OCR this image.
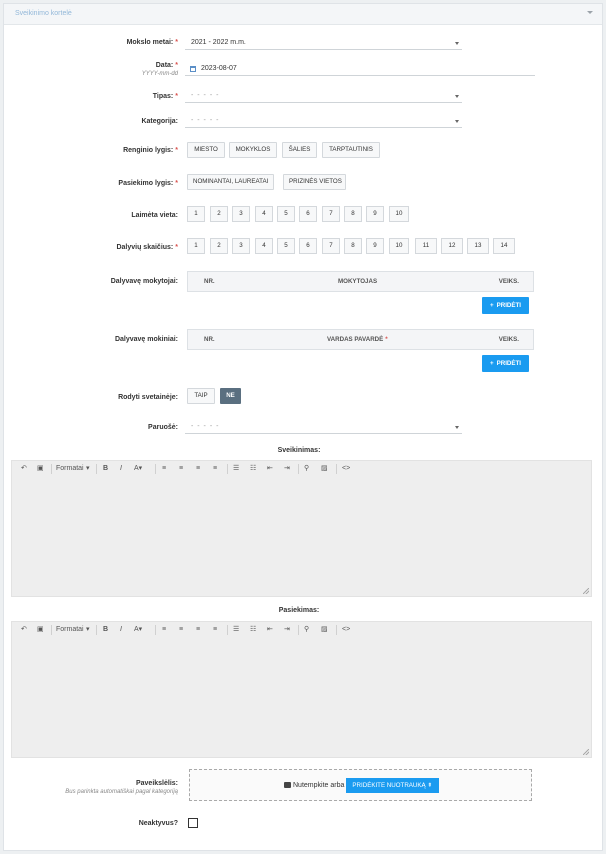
Sveikinimo kortelė
Mokslo metai: * 2021 - 2022 m.m.
Data: *
YYYY-mm-dd
2023-08-07
Tipas: * - - - - -
Kategorija: - - - - -
Renginio lygis: *	MIESTO	MOKYKLOS	ŠALIES	TARPTAUTINIS
Pasiekimo lygis: *	NOMINANTAI, LAUREATAI	PRIZINĖS VIETOS
Laimėta vieta:	1	2	3	4	5	6	7	8	9	10
Dalyvių skaičius: *	1	2	3	4	5	6	7	8	9	10	11	12	13	14
Dalyvavę mokytojai:	NR.	MOKYTOJAS	VEIKS.
+ PRIDĖTI
Dalyvavę mokiniai:	NR.	VARDAS PAVARDĖ *	VEIKS.
+ PRIDĖTI
Rodyti svetainėje:	TAIP	NE
Paruošė: - - - - -
Sveikinimas:
↶ ▣ Formatai ▾ B I A▾	≡ ≡ ≡ ≡ ☰ ☷ ⇤ ⇥ ⚲ ▨ <>
Pasiekimas:
↶ ▣ Formatai ▾ B I A▾	≡ ≡ ≡ ≡ ☰ ☷ ⇤ ⇥ ⚲ ▨ <>
Paveikslėlis:
Bus parinkta automatiškai pagal kategoriją
Nutempkite arba	PRIDĖKITE NUOTRAUKĄ ⇞
Neaktyvus?
